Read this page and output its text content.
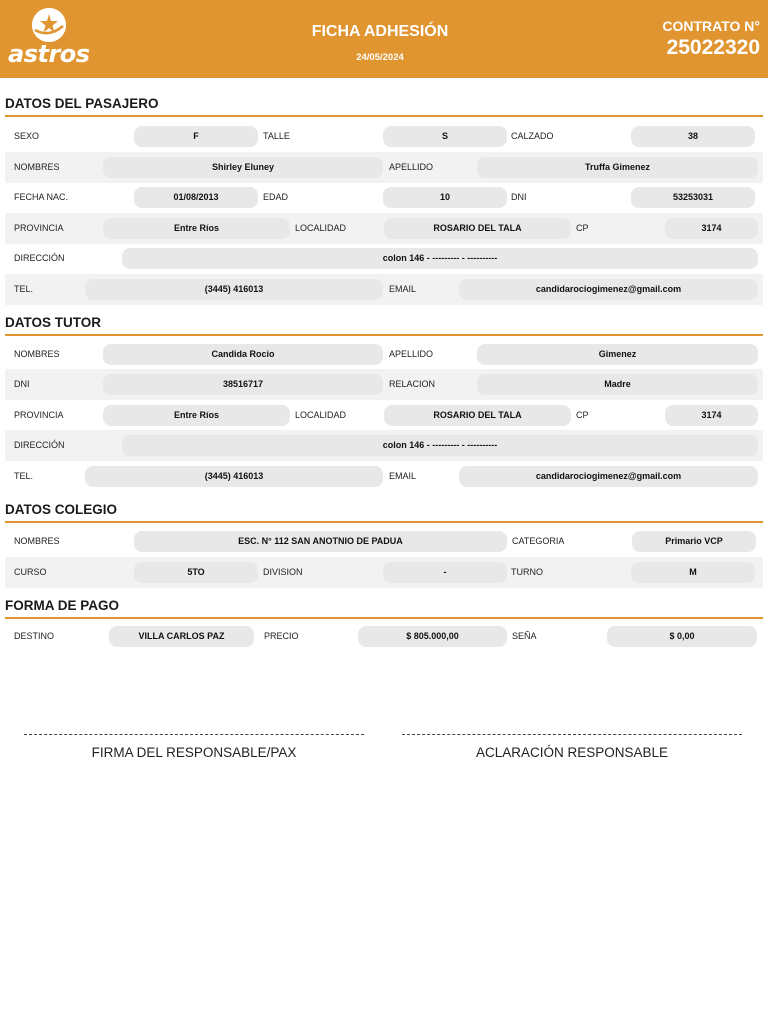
astros
FICHA ADHESIÓN
24/05/2024
CONTRATO N°
25022320
DATOS DEL PASAJERO
SEXO	F	TALLE	S	CALZADO	38
NOMBRES	Shirley Eluney	APELLIDO	Truffa Gimenez
FECHA NAC.	01/08/2013	EDAD	10	DNI	53253031
PROVINCIA	Entre Ríos	LOCALIDAD	ROSARIO DEL TALA	CP	3174
DIRECCIÓN	colon 146 - --------- - ----------
TEL.	(3445) 416013	EMAIL	candidarociogimenez@gmail.com
DATOS TUTOR
NOMBRES	Candida Rocio	APELLIDO	Gimenez
DNI	38516717	RELACION	Madre
PROVINCIA	Entre Ríos	LOCALIDAD	ROSARIO DEL TALA	CP	3174
DIRECCIÓN	colon 146 - --------- - ----------
TEL.	(3445) 416013	EMAIL	candidarociogimenez@gmail.com
DATOS COLEGIO
NOMBRES	ESC. N° 112 SAN ANOTNIO DE PADUA	CATEGORIA	Primario VCP
CURSO	5TO	DIVISION	-	TURNO	M
FORMA DE PAGO
DESTINO	VILLA CARLOS PAZ	PRECIO	$ 805.000,00	SEÑA	$ 0,00
FIRMA DEL RESPONSABLE/PAX	ACLARACIÓN RESPONSABLE
